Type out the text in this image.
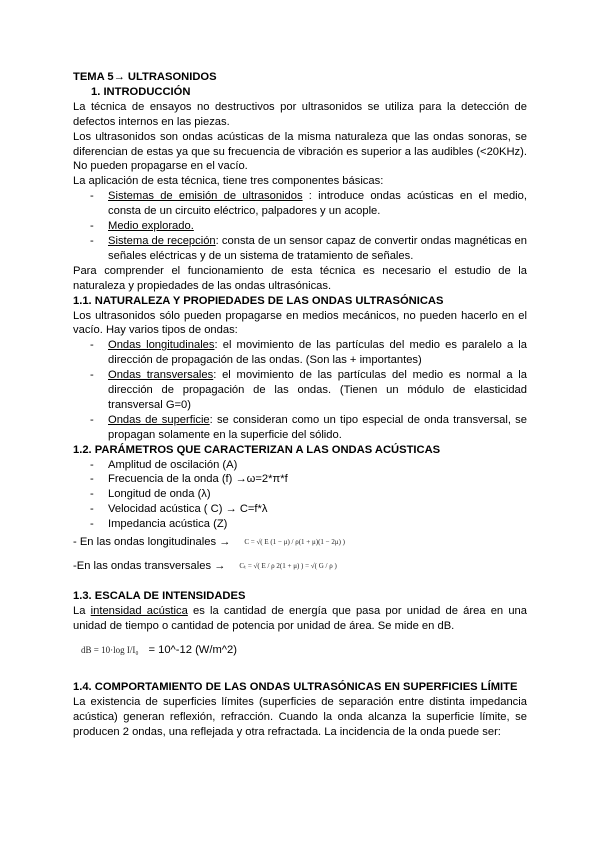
TEMA 5→ ULTRASONIDOS

1. INTRODUCCIÓN

La técnica de ensayos no destructivos por ultrasonidos se utiliza para la detección de defectos internos en las piezas.

Los ultrasonidos son ondas acústicas de la misma naturaleza que las ondas sonoras, se diferencian de estas ya que su frecuencia de vibración es superior a las audibles (<20KHz). No pueden propagarse en el vacío.

La aplicación de esta técnica, tiene tres componentes básicas:

- Sistemas de emisión de ultrasonidos : introduce ondas acústicas en el medio, consta de un circuito eléctrico, palpadores y un acople.
- Medio explorado.
- Sistema de recepción: consta de un sensor capaz de convertir ondas magnéticas en señales eléctricas y de un sistema de tratamiento de señales.

Para comprender el funcionamiento de esta técnica es necesario el estudio de la naturaleza y propiedades de las ondas ultrasónicas.

1.1. NATURALEZA Y PROPIEDADES DE LAS ONDAS ULTRASÓNICAS

Los ultrasonidos sólo pueden propagarse en medios mecánicos, no pueden hacerlo en el vacío. Hay varios tipos de ondas:

- Ondas longitudinales: el movimiento de las partículas del medio es paralelo a la dirección de propagación de las ondas. (Son las + importantes)
- Ondas transversales: el movimiento de las partículas del medio es normal a la dirección de propagación de las ondas. (Tienen un módulo de elasticidad transversal G=0)
- Ondas de superficie: se consideran como un tipo especial de onda transversal, se propagan solamente en la superficie del sólido.

1.2. PARÁMETROS QUE CARACTERIZAN A LAS ONDAS ACÚSTICAS

- Amplitud de oscilación (A)
- Frecuencia de la onda (f) →ω=2*π*f
- Longitud de onda (λ)
- Velocidad acústica ( C) → C=f*λ
- Impedancia acústica (Z)
- En las ondas longitudinales → C = √( E (1 − μ) / ρ(1 + μ)(1 − 2μ) )
-En las ondas transversales → Cₜ = √( E / ρ 2(1 + μ) ) = √( G / ρ )

1.3. ESCALA DE INTENSIDADES

La intensidad acústica es la cantidad de energía que pasa por unidad de área en una unidad de tiempo o cantidad de potencia por unidad de área. Se mide en dB.

dB = 10·log I/I₀ = 10^-12 (W/m^2)

1.4. COMPORTAMIENTO DE LAS ONDAS ULTRASÓNICAS EN SUPERFICIES LÍMITE

La existencia de superficies límites (superficies de separación entre distinta impedancia acústica) generan reflexión, refracción. Cuando la onda alcanza la superficie límite, se producen 2 ondas, una reflejada y otra refractada. La incidencia de la onda puede ser:
